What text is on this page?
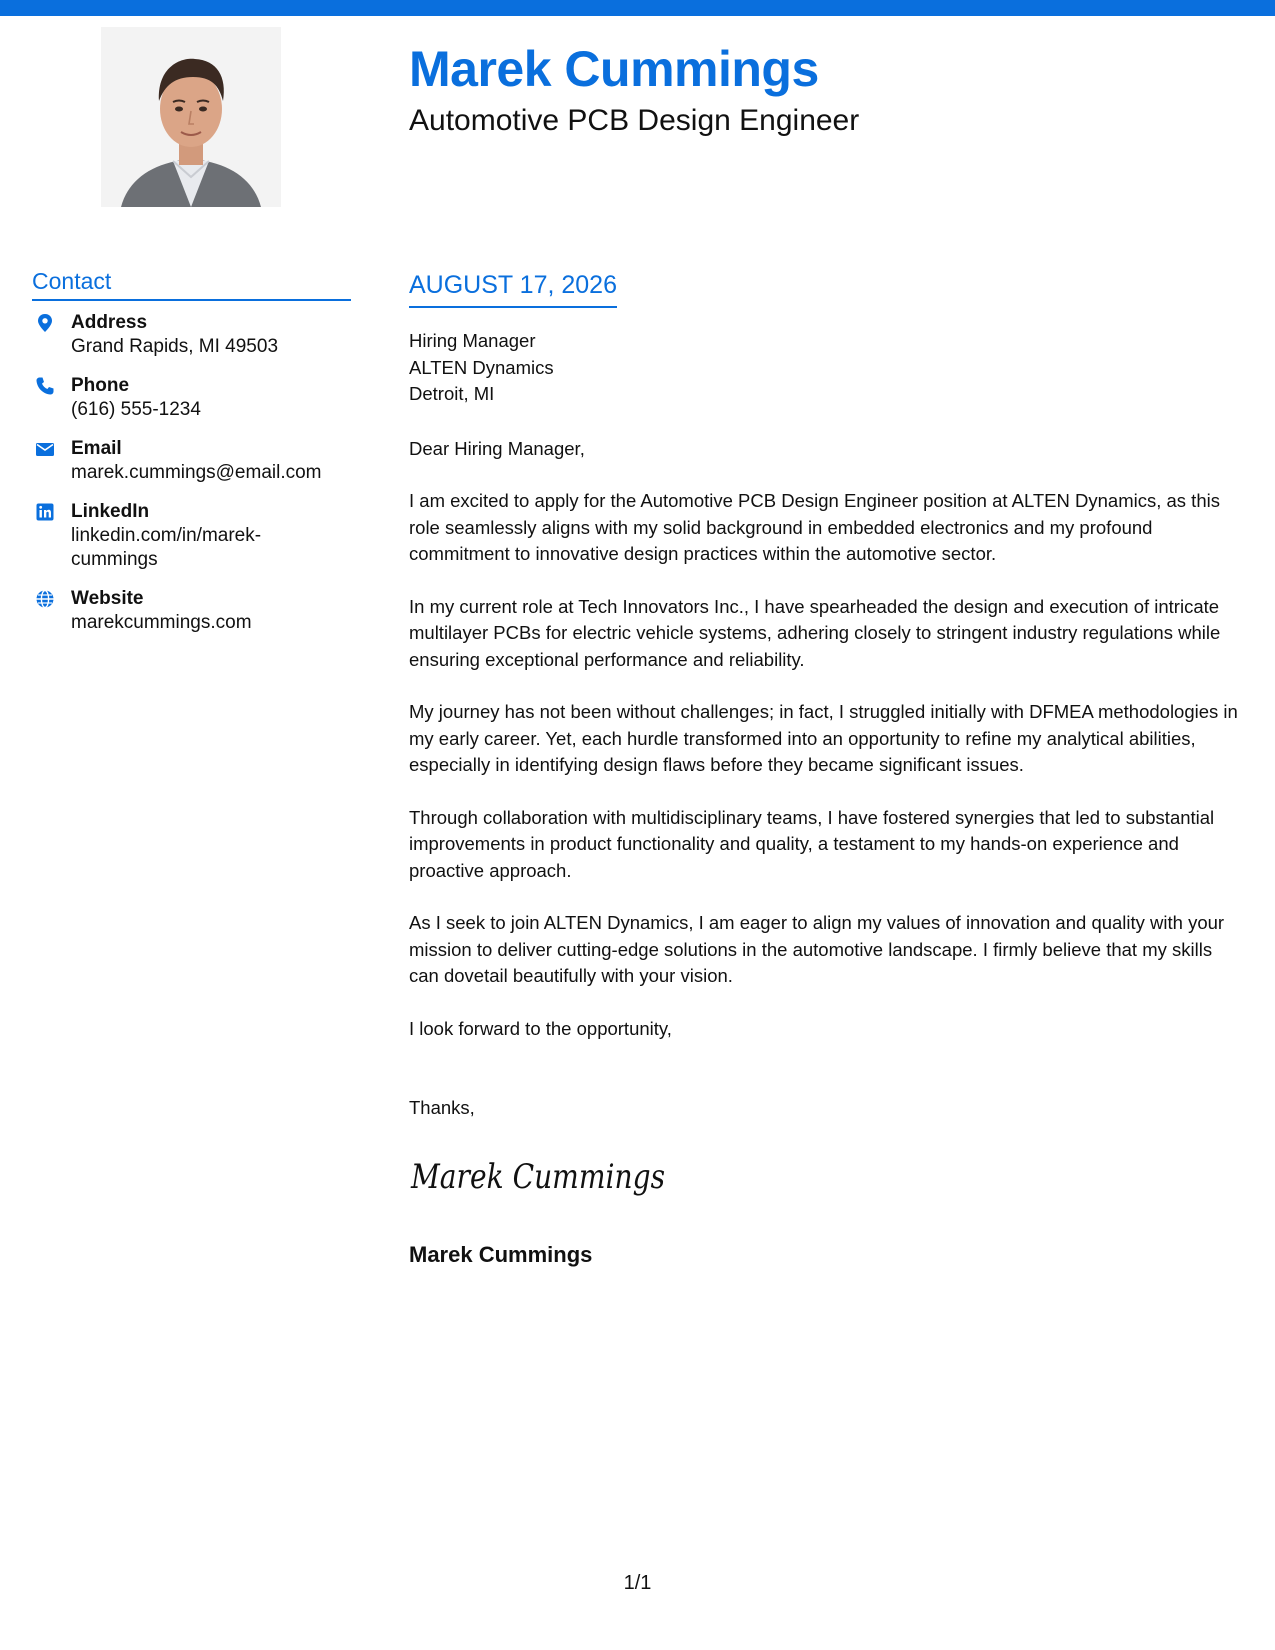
Marek Cummings
Automotive PCB Design Engineer
Contact
Address
Grand Rapids, MI 49503
Phone
(616) 555-1234
Email
marek.cummings@email.com
LinkedIn
linkedin.com/in/marek-
cummings
Website
marekcummings.com
AUGUST 17, 2026
Hiring Manager
ALTEN Dynamics
Detroit, MI
Dear Hiring Manager,
I am excited to apply for the Automotive PCB Design Engineer position at ALTEN Dynamics, as this role seamlessly aligns with my solid background in embedded electronics and my profound commitment to innovative design practices within the automotive sector.
In my current role at Tech Innovators Inc., I have spearheaded the design and execution of intricate multilayer PCBs for electric vehicle systems, adhering closely to stringent industry regulations while ensuring exceptional performance and reliability.
My journey has not been without challenges; in fact, I struggled initially with DFMEA methodologies in my early career. Yet, each hurdle transformed into an opportunity to refine my analytical abilities, especially in identifying design flaws before they became significant issues.
Through collaboration with multidisciplinary teams, I have fostered synergies that led to substantial improvements in product functionality and quality, a testament to my hands-on experience and proactive approach.
As I seek to join ALTEN Dynamics, I am eager to align my values of innovation and quality with your mission to deliver cutting-edge solutions in the automotive landscape. I firmly believe that my skills can dovetail beautifully with your vision.
I look forward to the opportunity,
Thanks,
Marek Cummings
Marek Cummings
1/1
